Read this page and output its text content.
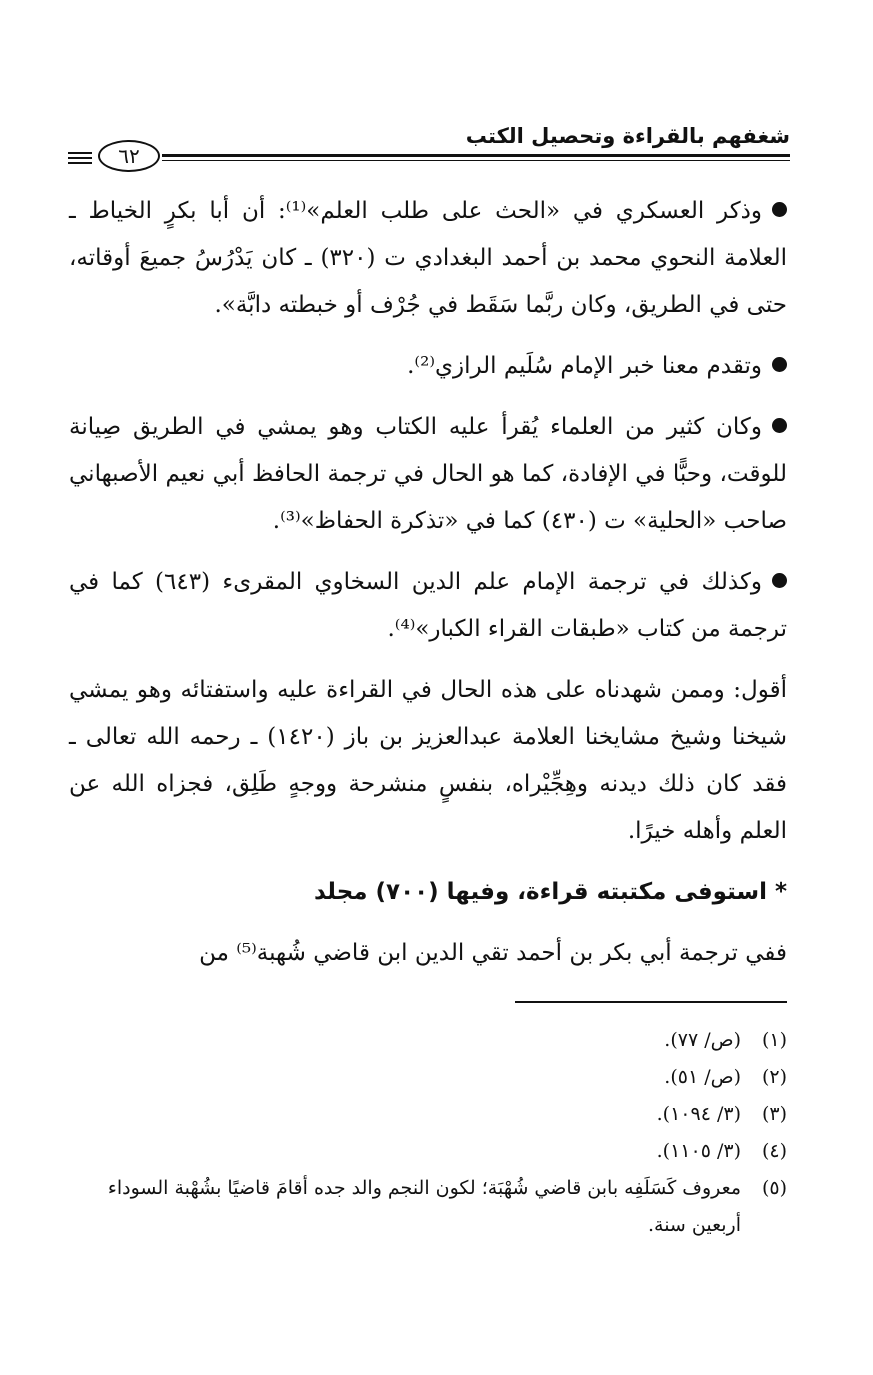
شغفهم بالقراءة وتحصيل الكتب
٦٢

وذكر العسكري في «الحث على طلب العلم»⁽¹⁾: أن أبا بكرٍ الخياط ـ العلامة النحوي محمد بن أحمد البغدادي ت (٣٢٠) ـ كان يَدْرُسُ جميعَ أوقاته، حتى في الطريق، وكان ربَّما سَقَط في جُرْف أو خبطته دابَّة».

وتقدم معنا خبر الإمام سُلَيم الرازي⁽²⁾.

وكان كثير من العلماء يُقرأ عليه الكتاب وهو يمشي في الطريق صِيانة للوقت، وحبًّا في الإفادة، كما هو الحال في ترجمة الحافظ أبي نعيم الأصبهاني صاحب «الحلية» ت (٤٣٠) كما في «تذكرة الحفاظ»⁽³⁾.

وكذلك في ترجمة الإمام علم الدين السخاوي المقرىء (٦٤٣) كما في ترجمة من كتاب «طبقات القراء الكبار»⁽⁴⁾.

أقول: وممن شهدناه على هذه الحال في القراءة عليه واستفتائه وهو يمشي شيخنا وشيخ مشايخنا العلامة عبدالعزيز بن باز (١٤٢٠) ـ رحمه الله تعالى ـ فقد كان ذلك ديدنه وهِجِّيْراه، بنفسٍ منشرحة ووجهٍ طَلِق، فجزاه الله عن العلم وأهله خيرًا.

* استوفى مكتبته قراءة، وفيها (٧٠٠) مجلد

ففي ترجمة أبي بكر بن أحمد تقي الدين ابن قاضي شُهبة⁽⁵⁾ من

(١)
(ص/ ٧٧).
(٢)
(ص/ ٥١).
(٣)
(٣/ ١٠٩٤).
(٤)
(٣/ ١١٠٥).
(٥)
معروف كَسَلَفِه بابن قاضي شُهْبَة؛ لكون النجم والد جده أقامَ قاضيًا بشُهْبة السوداء أربعين سنة.
